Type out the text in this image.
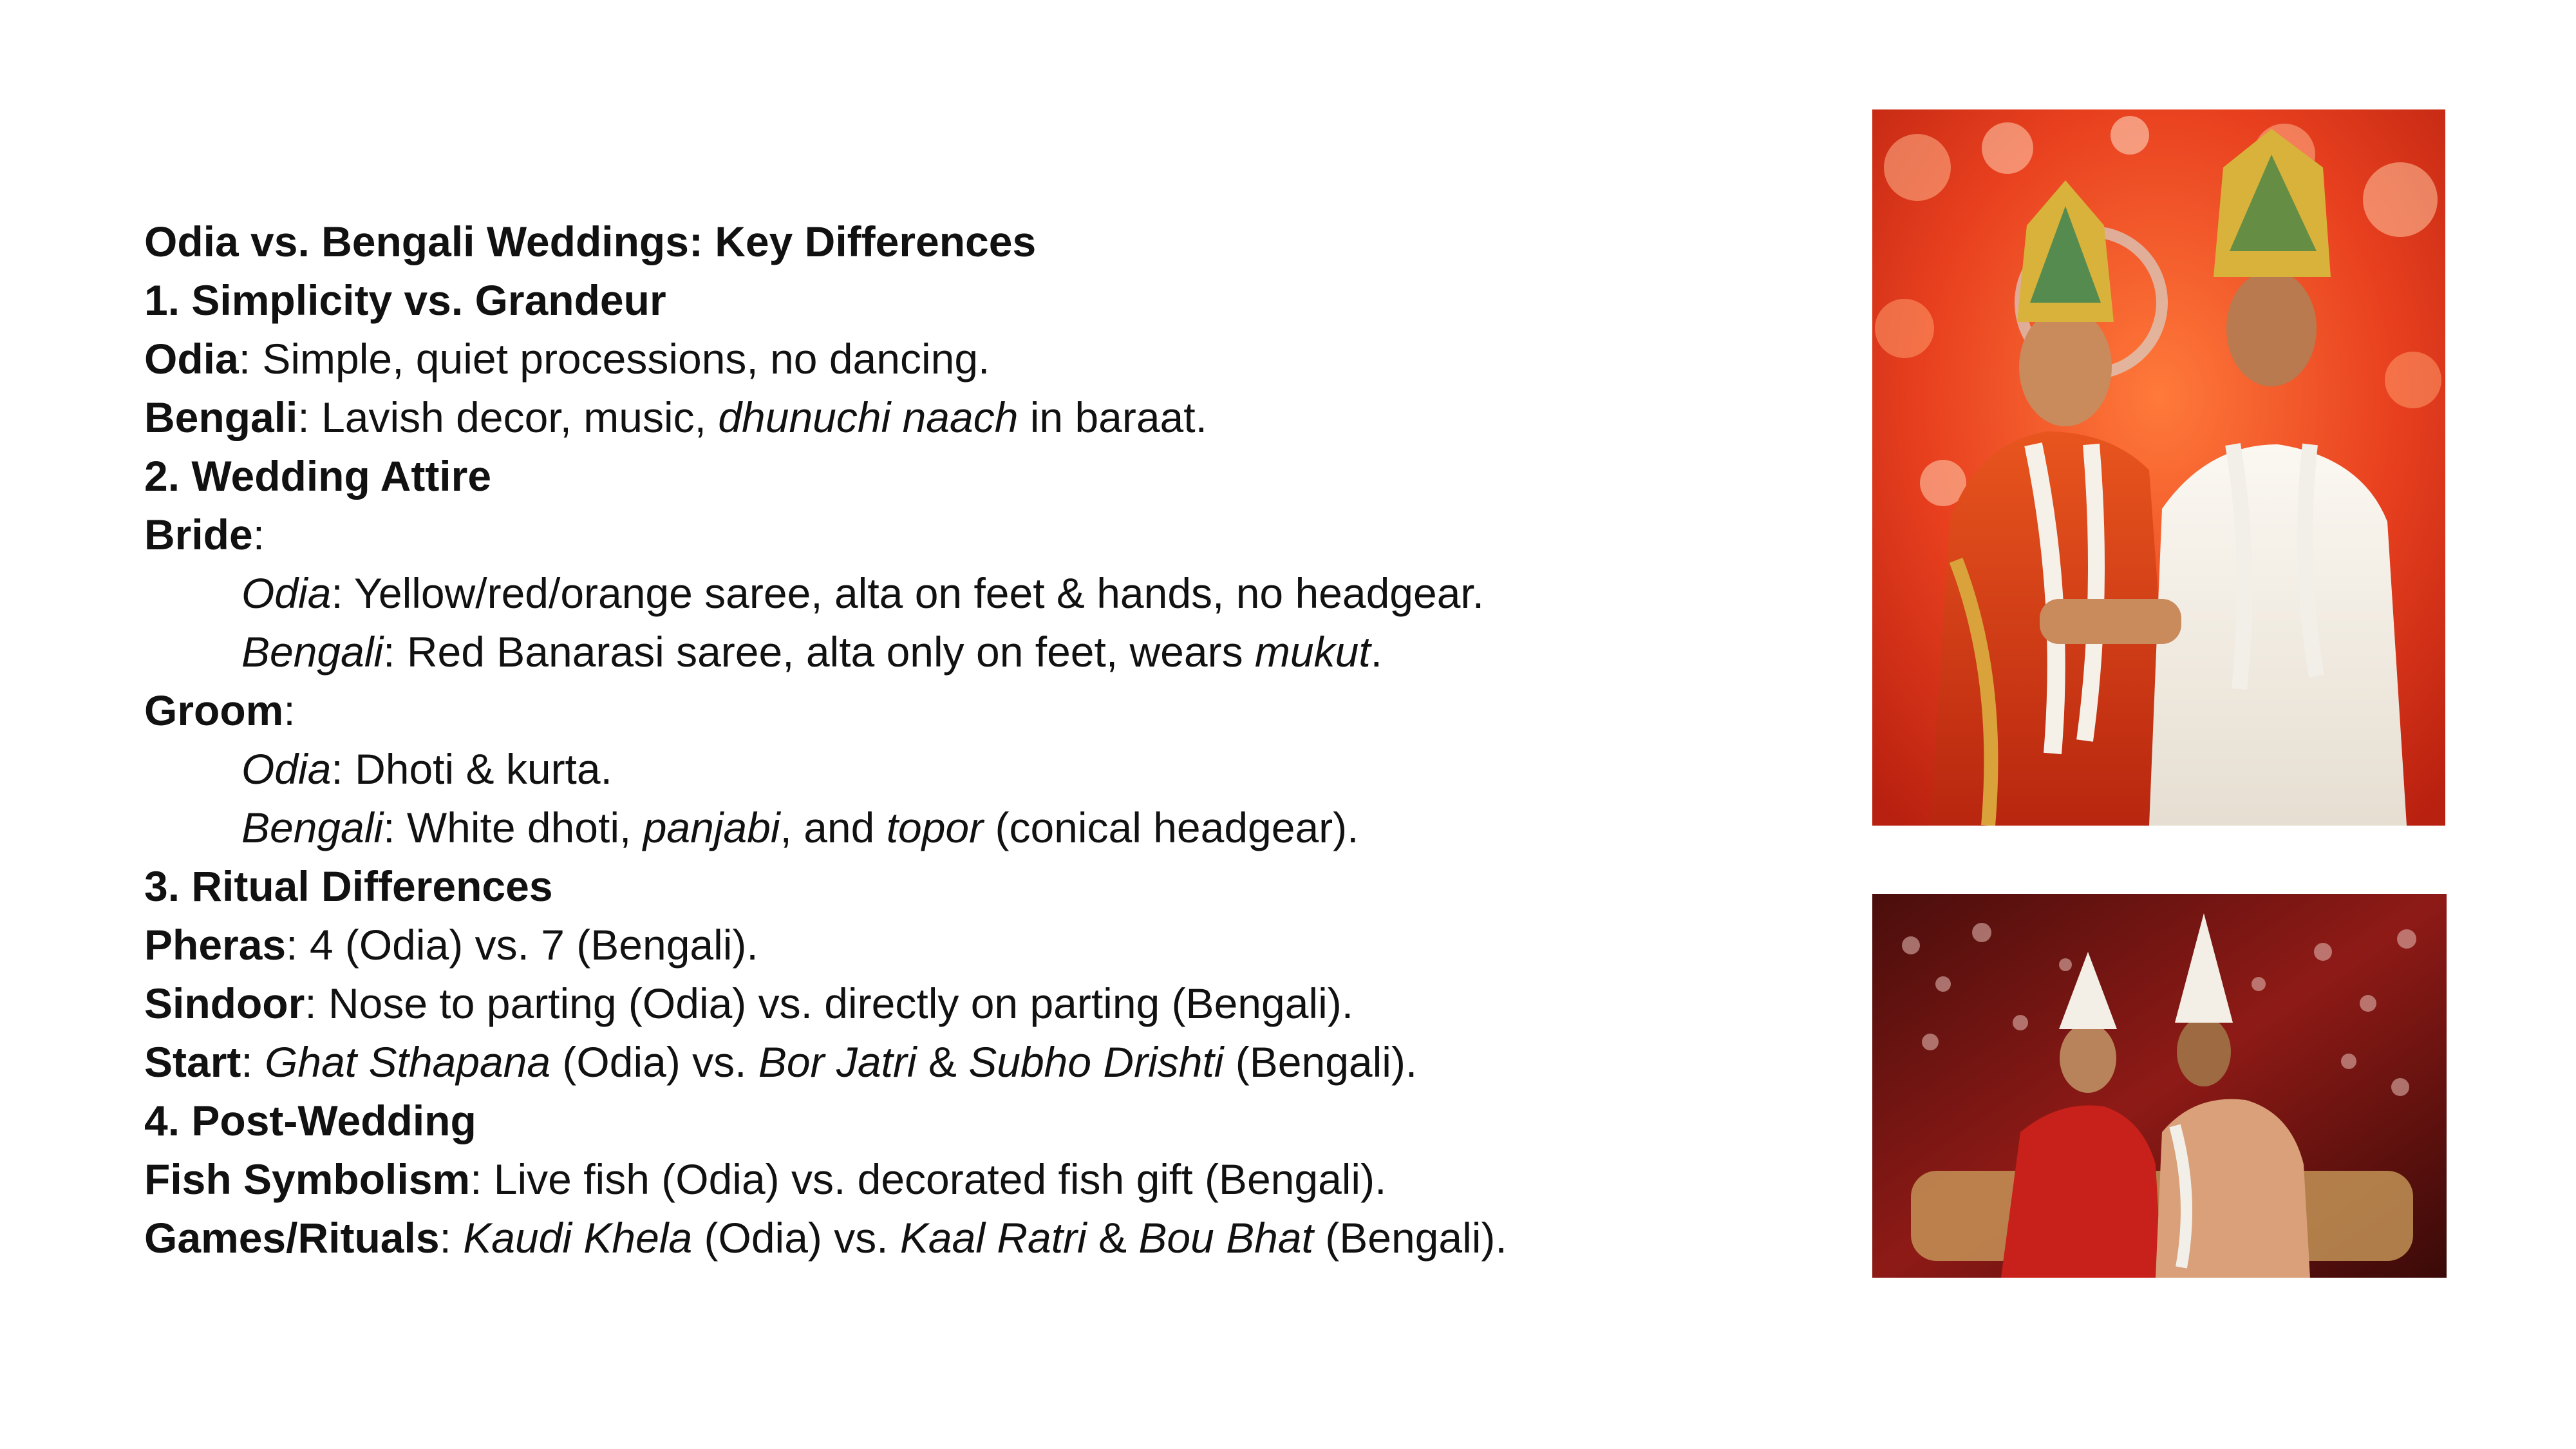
Odia vs. Bengali Weddings: Key Differences

1. Simplicity vs. Grandeur

Odia: Simple, quiet processions, no dancing.

Bengali: Lavish decor, music, dhunuchi naach in baraat.

2. Wedding Attire

Bride:

Odia: Yellow/red/orange saree, alta on feet & hands, no headgear.

Bengali: Red Banarasi saree, alta only on feet, wears mukut.

Groom:

Odia: Dhoti & kurta.

Bengali: White dhoti, panjabi, and topor (conical headgear).

3. Ritual Differences

Pheras: 4 (Odia) vs. 7 (Bengali).

Sindoor: Nose to parting (Odia) vs. directly on parting (Bengali).

Start: Ghat Sthapana (Odia) vs. Bor Jatri & Subho Drishti (Bengali).

4. Post-Wedding

Fish Symbolism: Live fish (Odia) vs. decorated fish gift (Bengali).

Games/Rituals: Kaudi Khela (Odia) vs. Kaal Ratri & Bou Bhat (Bengali).
